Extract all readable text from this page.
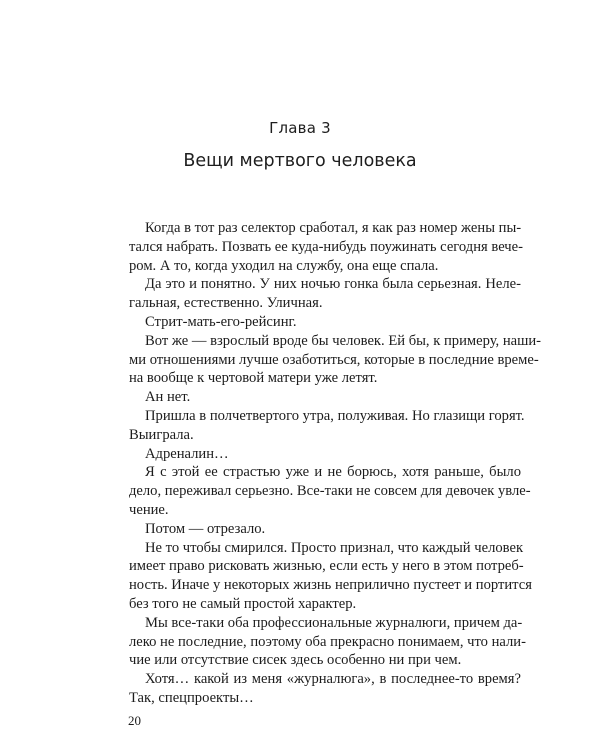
Глава 3
Вещи мертвого человека
Когда в тот раз селектор сработал, я как раз номер жены пы-
тался набрать. Позвать ее куда-нибудь поужинать сегодня вече-
ром. А то, когда уходил на службу, она еще спала.
Да это и понятно. У них ночью гонка была серьезная. Неле-
гальная, естественно. Уличная.
Стрит-мать-его-рейсинг.
Вот же — взрослый вроде бы человек. Ей бы, к примеру, наши-
ми отношениями лучше озаботиться, которые в последние време-
на вообще к чертовой матери уже летят.
Ан нет.
Пришла в полчетвертого утра, полуживая. Но глазищи горят.
Выиграла.
Адреналин…
Я с этой ее страстью уже и не борюсь, хотя раньше, было
дело, переживал серьезно. Все-таки не совсем для девочек увле-
чение.
Потом — отрезало.
Не то чтобы смирился. Просто признал, что каждый человек
имеет право рисковать жизнью, если есть у него в этом потреб-
ность. Иначе у некоторых жизнь неприлично пустеет и портится
без того не самый простой характер.
Мы все-таки оба профессиональные журналюги, причем да-
леко не последние, поэтому оба прекрасно понимаем, что нали-
чие или отсутствие сисек здесь особенно ни при чем.
Хотя… какой из меня «журналюга», в последнее-то время?
Так, спецпроекты…
20
